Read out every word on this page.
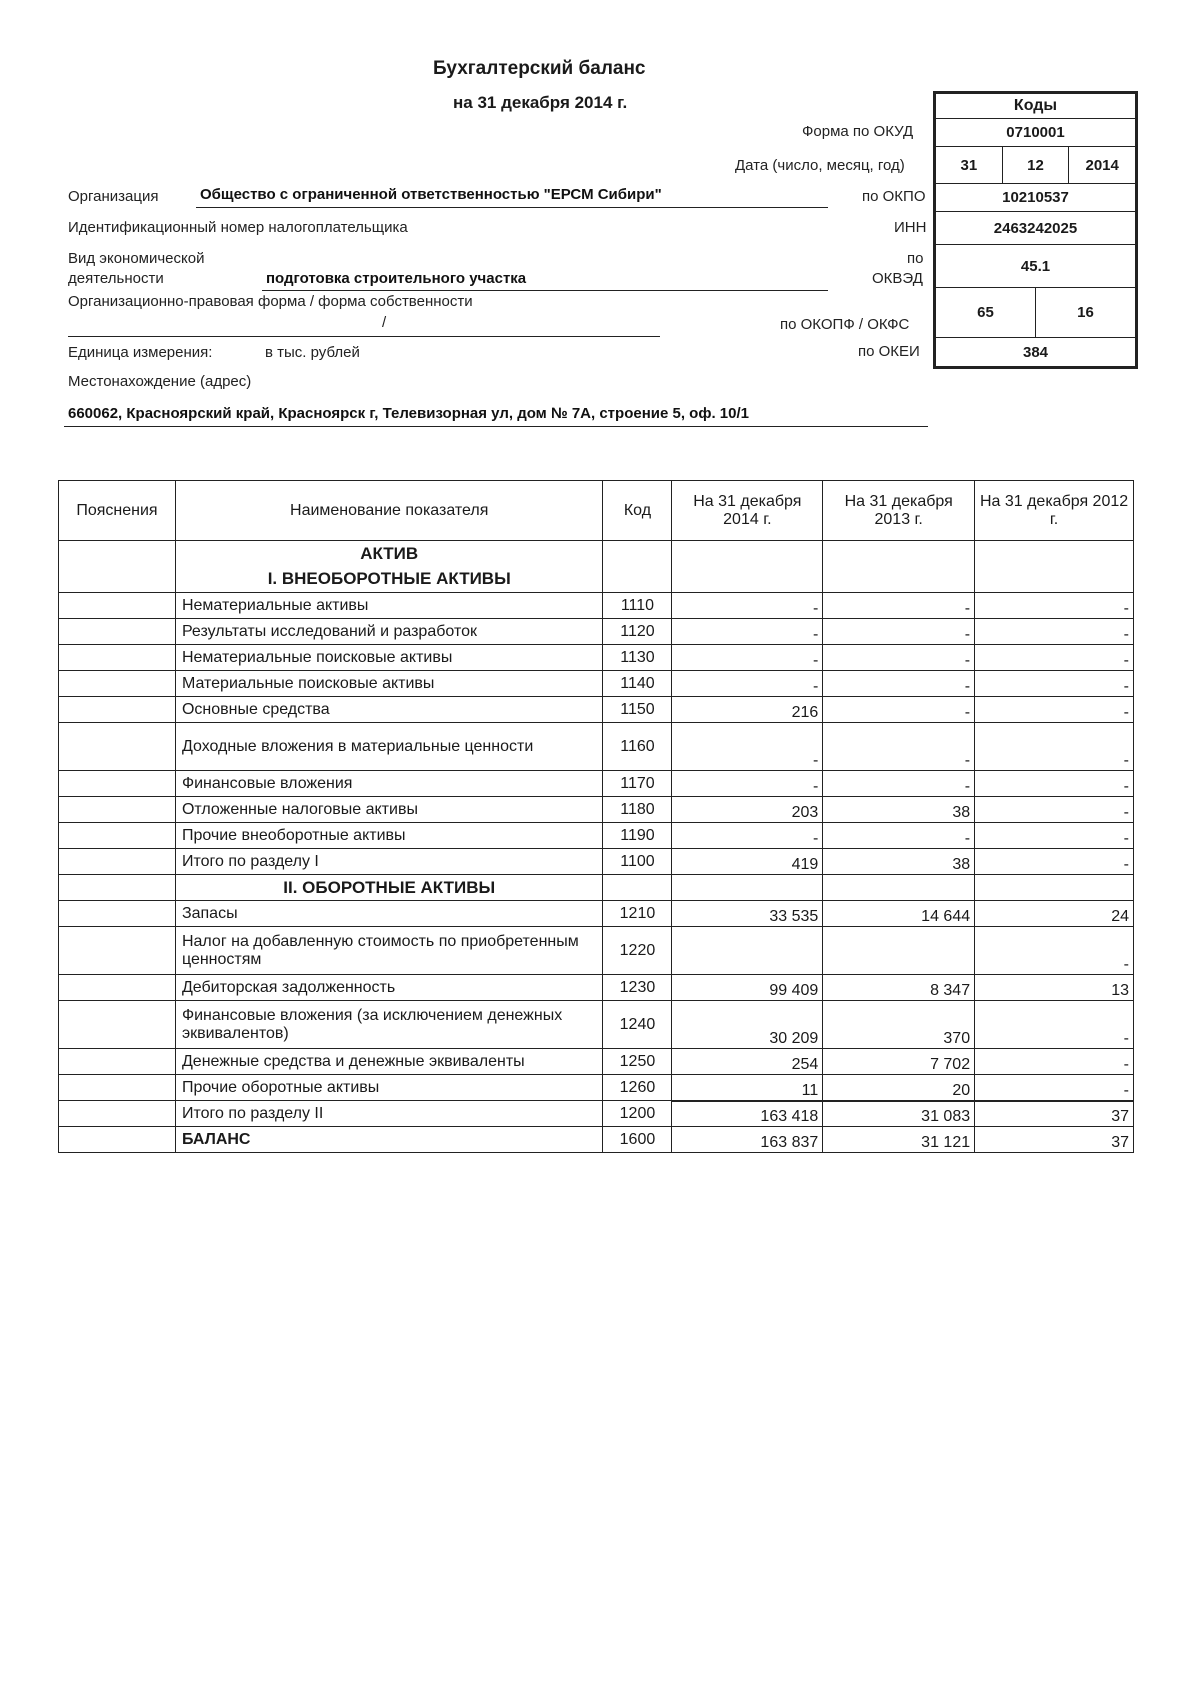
Бухгалтерский баланс
на 31 декабря 2014 г.
Форма по ОКУД
Дата (число, месяц, год)
по ОКПО
ИНН
по
ОКВЭД
по ОКОПФ / ОКФС
по ОКЕИ
Коды
0710001
31	12	2014
10210537
2463242025
45.1
65	16
384
Организация	Общество с ограниченной ответственностью "ЕРСМ Сибири"
Идентификационный номер налогоплательщика
Вид экономической
деятельности	подготовка строительного участка
Организационно-правовая форма / форма собственности
/
Единица измерения:	в тыс. рублей
Местонахождение (адрес)
660062, Красноярский край, Красноярск г, Телевизорная ул, дом № 7А, строение 5, оф. 10/1
Пояснения	Наименование показателя	Код	На 31 декабря 2014 г.	На 31 декабря 2013 г.	На 31 декабря 2012 г.
	АКТИВ				
	I. ВНЕОБОРОТНЫЕ АКТИВЫ				
	Нематериальные активы	1110	-	-	-
	Результаты исследований и разработок	1120	-	-	-
	Нематериальные поисковые активы	1130	-	-	-
	Материальные поисковые активы	1140	-	-	-
	Основные средства	1150	216	-	-
	Доходные вложения в материальные ценности	1160	-	-	-
	Финансовые вложения	1170	-	-	-
	Отложенные налоговые активы	1180	203	38	-
	Прочие внеоборотные активы	1190	-	-	-
	Итого по разделу I	1100	419	38	-
	II. ОБОРОТНЫЕ АКТИВЫ				
	Запасы	1210	33 535	14 644	24
	Налог на добавленную стоимость по приобретенным ценностям	1220			-
	Дебиторская задолженность	1230	99 409	8 347	13
	Финансовые вложения (за исключением денежных эквивалентов)	1240	30 209	370	-
	Денежные средства и денежные эквиваленты	1250	254	7 702	-
	Прочие оборотные активы	1260	11	20	-
	Итого по разделу II	1200	163 418	31 083	37
	БАЛАНС	1600	163 837	31 121	37
